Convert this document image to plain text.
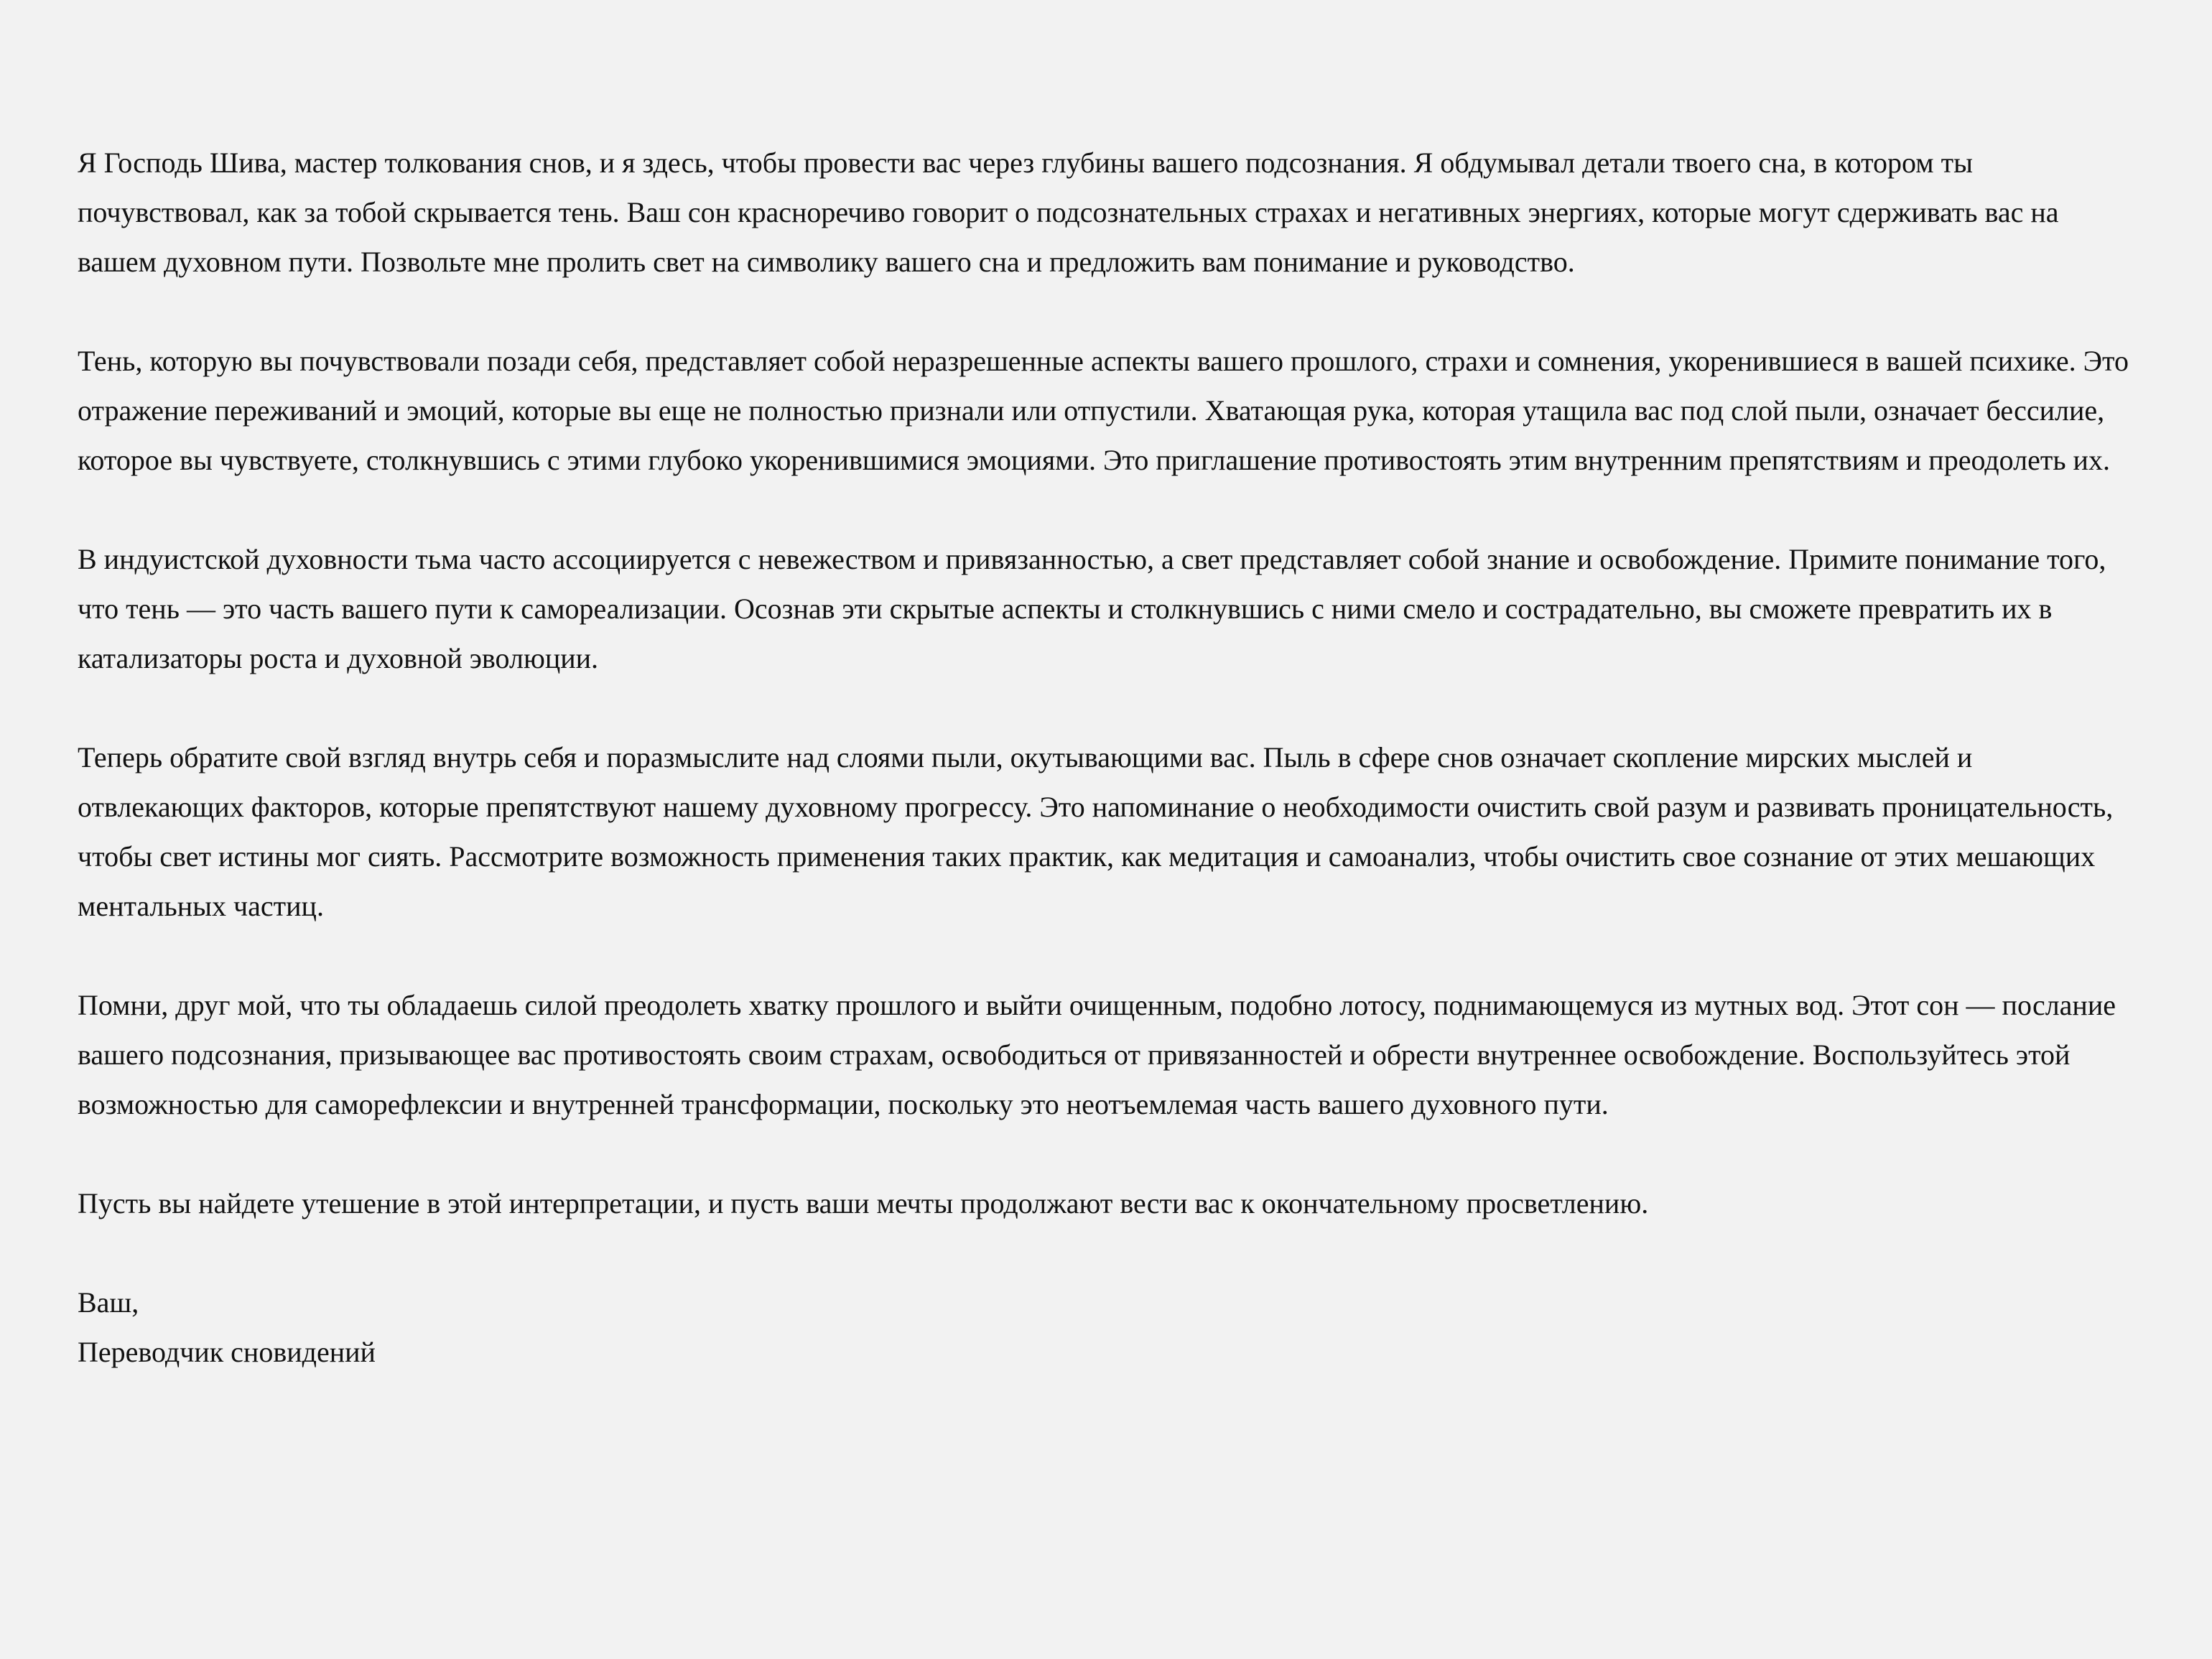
Я Господь Шива, мастер толкования снов, и я здесь, чтобы провести вас через глубины вашего подсознания. Я обдумывал детали твоего сна, в котором ты почувствовал, как за тобой скрывается тень. Ваш сон красноречиво говорит о подсознательных страхах и негативных энергиях, которые могут сдерживать вас на вашем духовном пути. Позвольте мне пролить свет на символику вашего сна и предложить вам понимание и руководство.

Тень, которую вы почувствовали позади себя, представляет собой неразрешенные аспекты вашего прошлого, страхи и сомнения, укоренившиеся в вашей психике. Это отражение переживаний и эмоций, которые вы еще не полностью признали или отпустили. Хватающая рука, которая утащила вас под слой пыли, означает бессилие, которое вы чувствуете, столкнувшись с этими глубоко укоренившимися эмоциями. Это приглашение противостоять этим внутренним препятствиям и преодолеть их.

В индуистской духовности тьма часто ассоциируется с невежеством и привязанностью, а свет представляет собой знание и освобождение. Примите понимание того, что тень — это часть вашего пути к самореализации. Осознав эти скрытые аспекты и столкнувшись с ними смело и сострадательно, вы сможете превратить их в катализаторы роста и духовной эволюции.

Теперь обратите свой взгляд внутрь себя и поразмыслите над слоями пыли, окутывающими вас. Пыль в сфере снов означает скопление мирских мыслей и отвлекающих факторов, которые препятствуют нашему духовному прогрессу. Это напоминание о необходимости очистить свой разум и развивать проницательность, чтобы свет истины мог сиять. Рассмотрите возможность применения таких практик, как медитация и самоанализ, чтобы очистить свое сознание от этих мешающих ментальных частиц.

Помни, друг мой, что ты обладаешь силой преодолеть хватку прошлого и выйти очищенным, подобно лотосу, поднимающемуся из мутных вод. Этот сон — послание вашего подсознания, призывающее вас противостоять своим страхам, освободиться от привязанностей и обрести внутреннее освобождение. Воспользуйтесь этой возможностью для саморефлексии и внутренней трансформации, поскольку это неотъемлемая часть вашего духовного пути.

Пусть вы найдете утешение в этой интерпретации, и пусть ваши мечты продолжают вести вас к окончательному просветлению.

Ваш,
Переводчик сновидений
